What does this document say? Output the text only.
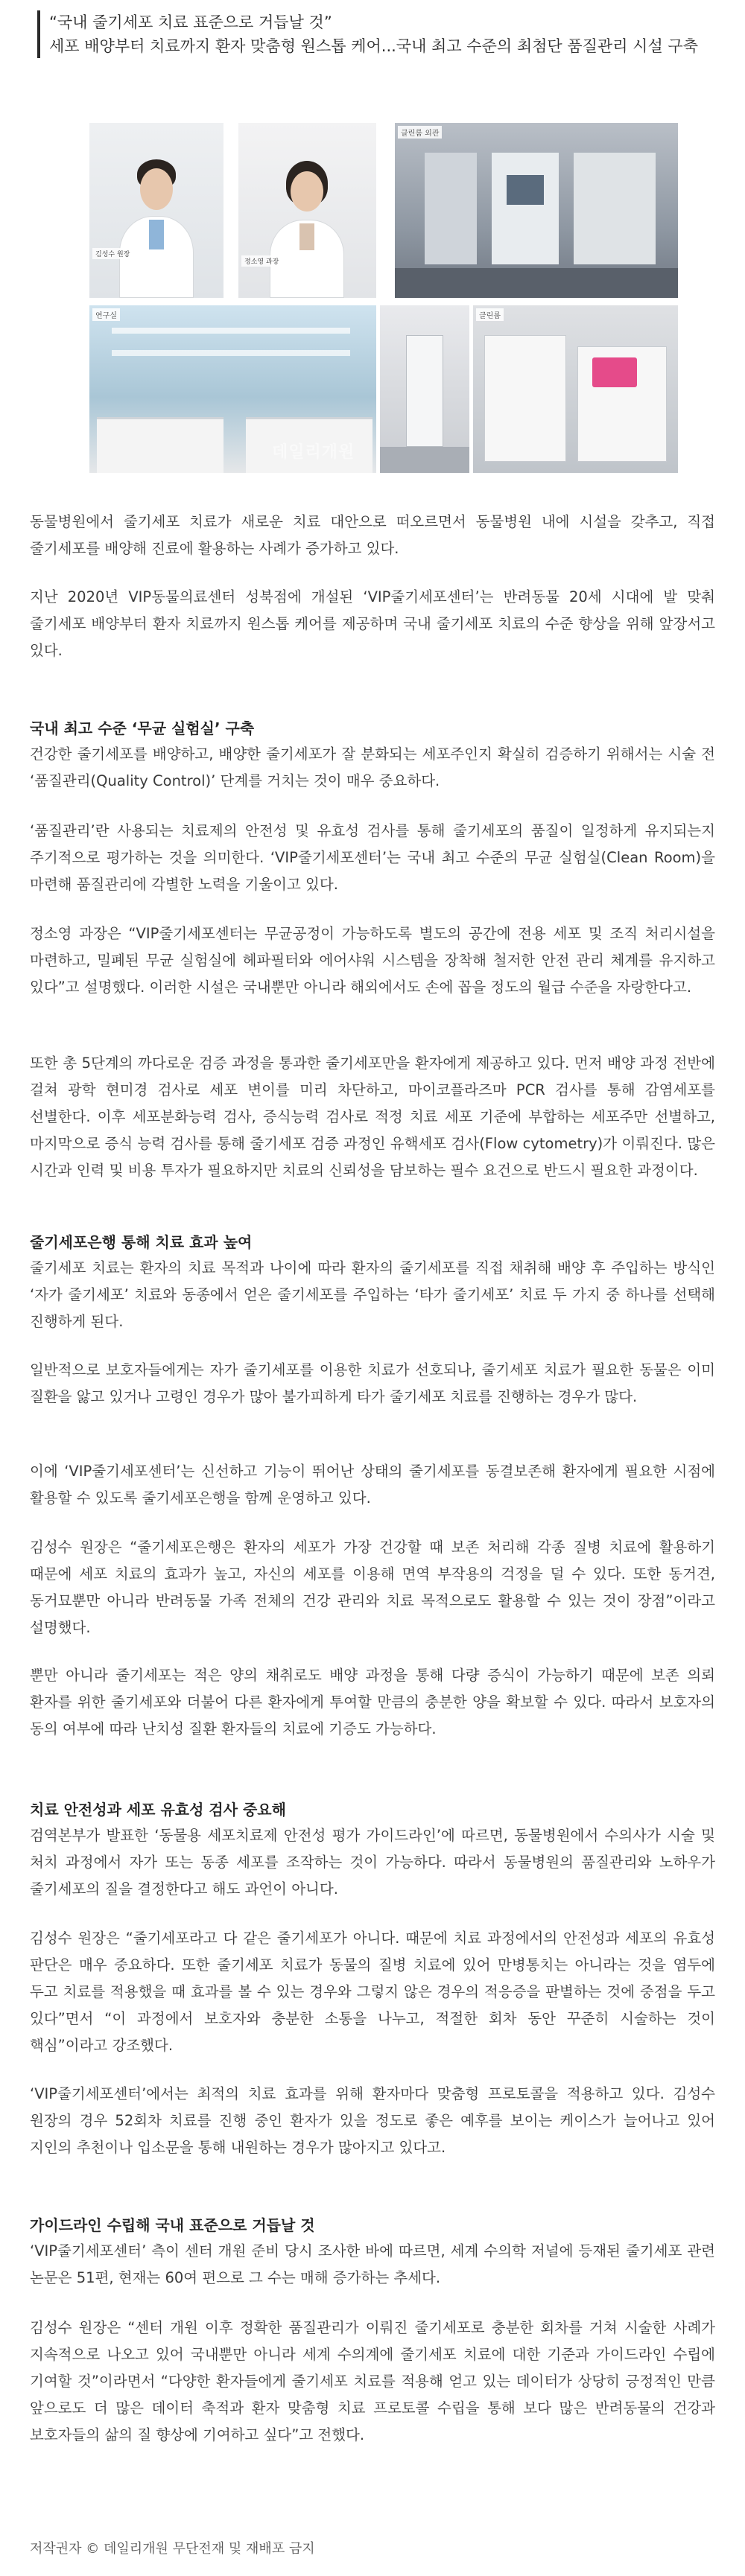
“국내 줄기세포 치료 표준으로 거듭날 것”
세포 배양부터 치료까지 환자 맞춤형 원스톱 케어...국내 최고 수준의 최첨단 품질관리 시설 구축
김성수 원장
정소영 과장
클린룸 외관
연구실
데일리개원
클린룸
동물병원에서 줄기세포 치료가 새로운 치료 대안으로 떠오르면서 동물병원 내에 시설을 갖추고, 직접 줄기세포를 배양해 진료에 활용하는 사례가 증가하고 있다.
지난 2020년 VIP동물의료센터 성북점에 개설된 ‘VIP줄기세포센터’는 반려동물 20세 시대에 발 맞춰 줄기세포 배양부터 환자 치료까지 원스톱 케어를 제공하며 국내 줄기세포 치료의 수준 향상을 위해 앞장서고 있다.
국내 최고 수준 ‘무균 실험실’ 구축
건강한 줄기세포를 배양하고, 배양한 줄기세포가 잘 분화되는 세포주인지 확실히 검증하기 위해서는 시술 전 ‘품질관리(Quality Control)’ 단계를 거치는 것이 매우 중요하다.
‘품질관리’란 사용되는 치료제의 안전성 및 유효성 검사를 통해 줄기세포의 품질이 일정하게 유지되는지 주기적으로 평가하는 것을 의미한다. ‘VIP줄기세포센터’는 국내 최고 수준의 무균 실험실(Clean Room)을 마련해 품질관리에 각별한 노력을 기울이고 있다.
정소영 과장은 “VIP줄기세포센터는 무균공정이 가능하도록 별도의 공간에 전용 세포 및 조직 처리시설을 마련하고, 밀폐된 무균 실험실에 헤파필터와 에어샤워 시스템을 장착해 철저한 안전 관리 체계를 유지하고 있다”고 설명했다. 이러한 시설은 국내뿐만 아니라 해외에서도 손에 꼽을 정도의 월급 수준을 자랑한다고.
또한 총 5단계의 까다로운 검증 과정을 통과한 줄기세포만을 환자에게 제공하고 있다. 먼저 배양 과정 전반에 걸쳐 광학 현미경 검사로 세포 변이를 미리 차단하고, 마이코플라즈마 PCR 검사를 통해 감염세포를 선별한다. 이후 세포분화능력 검사, 증식능력 검사로 적정 치료 세포 기준에 부합하는 세포주만 선별하고, 마지막으로 증식 능력 검사를 통해 줄기세포 검증 과정인 유핵세포 검사(Flow cytometry)가 이뤄진다. 많은 시간과 인력 및 비용 투자가 필요하지만 치료의 신뢰성을 담보하는 필수 요건으로 반드시 필요한 과정이다.
줄기세포은행 통해 치료 효과 높여
줄기세포 치료는 환자의 치료 목적과 나이에 따라 환자의 줄기세포를 직접 채취해 배양 후 주입하는 방식인 ‘자가 줄기세포’ 치료와 동종에서 얻은 줄기세포를 주입하는 ‘타가 줄기세포’ 치료 두 가지 중 하나를 선택해 진행하게 된다.
일반적으로 보호자들에게는 자가 줄기세포를 이용한 치료가 선호되나, 줄기세포 치료가 필요한 동물은 이미 질환을 앓고 있거나 고령인 경우가 많아 불가피하게 타가 줄기세포 치료를 진행하는 경우가 많다.
이에 ‘VIP줄기세포센터’는 신선하고 기능이 뛰어난 상태의 줄기세포를 동결보존해 환자에게 필요한 시점에 활용할 수 있도록 줄기세포은행을 함께 운영하고 있다.
김성수 원장은 “줄기세포은행은 환자의 세포가 가장 건강할 때 보존 처리해 각종 질병 치료에 활용하기 때문에 세포 치료의 효과가 높고, 자신의 세포를 이용해 면역 부작용의 걱정을 덜 수 있다. 또한 동거견, 동거묘뿐만 아니라 반려동물 가족 전체의 건강 관리와 치료 목적으로도 활용할 수 있는 것이 장점”이라고 설명했다.
뿐만 아니라 줄기세포는 적은 양의 채취로도 배양 과정을 통해 다량 증식이 가능하기 때문에 보존 의뢰 환자를 위한 줄기세포와 더불어 다른 환자에게 투여할 만큼의 충분한 양을 확보할 수 있다. 따라서 보호자의 동의 여부에 따라 난치성 질환 환자들의 치료에 기증도 가능하다.
치료 안전성과 세포 유효성 검사 중요해
검역본부가 발표한 ‘동물용 세포치료제 안전성 평가 가이드라인’에 따르면, 동물병원에서 수의사가 시술 및 처치 과정에서 자가 또는 동종 세포를 조작하는 것이 가능하다. 따라서 동물병원의 품질관리와 노하우가 줄기세포의 질을 결정한다고 해도 과언이 아니다.
김성수 원장은 “줄기세포라고 다 같은 줄기세포가 아니다. 때문에 치료 과정에서의 안전성과 세포의 유효성 판단은 매우 중요하다. 또한 줄기세포 치료가 동물의 질병 치료에 있어 만병통치는 아니라는 것을 염두에 두고 치료를 적용했을 때 효과를 볼 수 있는 경우와 그렇지 않은 경우의 적응증을 판별하는 것에 중점을 두고 있다”면서 “이 과정에서 보호자와 충분한 소통을 나누고, 적절한 회차 동안 꾸준히 시술하는 것이 핵심”이라고 강조했다.
‘VIP줄기세포센터’에서는 최적의 치료 효과를 위해 환자마다 맞춤형 프로토콜을 적용하고 있다. 김성수 원장의 경우 52회차 치료를 진행 중인 환자가 있을 정도로 좋은 예후를 보이는 케이스가 늘어나고 있어 지인의 추천이나 입소문을 통해 내원하는 경우가 많아지고 있다고.
가이드라인 수립해 국내 표준으로 거듭날 것
‘VIP줄기세포센터’ 측이 센터 개원 준비 당시 조사한 바에 따르면, 세계 수의학 저널에 등재된 줄기세포 관련 논문은 51편, 현재는 60여 편으로 그 수는 매해 증가하는 추세다.
김성수 원장은 “센터 개원 이후 정확한 품질관리가 이뤄진 줄기세포로 충분한 회차를 거쳐 시술한 사례가 지속적으로 나오고 있어 국내뿐만 아니라 세계 수의계에 줄기세포 치료에 대한 기준과 가이드라인 수립에 기여할 것”이라면서 “다양한 환자들에게 줄기세포 치료를 적용해 얻고 있는 데이터가 상당히 긍정적인 만큼 앞으로도 더 많은 데이터 축적과 환자 맞춤형 치료 프로토콜 수립을 통해 보다 많은 반려동물의 건강과 보호자들의 삶의 질 향상에 기여하고 싶다”고 전했다.
저작권자 © 데일리개원 무단전재 및 재배포 금지
